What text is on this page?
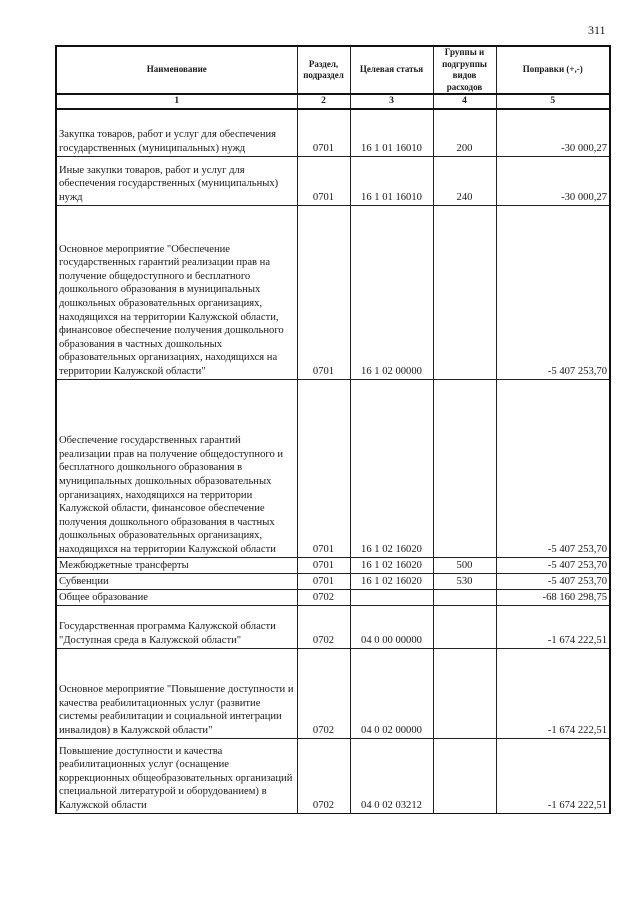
311
Наименование	Раздел, подраздел	Целевая статья	Группы и подгруппы видов расходов	Поправки (+,-)
1	2	3	4	5
Закупка товаров, работ и услуг для обеспечения государственных (муниципальных) нужд	0701	16 1 01 16010	200	-30 000,27
Иные закупки товаров, работ и услуг для обеспечения государственных (муниципальных) нужд	0701	16 1 01 16010	240	-30 000,27
Основное мероприятие "Обеспечение государственных гарантий реализации прав на получение общедоступного и бесплатного дошкольного образования в муниципальных дошкольных образовательных организациях, находящихся на территории Калужской области, финансовое обеспечение получения дошкольного образования в частных дошкольных образовательных организациях, находящихся на территории Калужской области"	0701	16 1 02 00000		-5 407 253,70
Обеспечение государственных гарантий реализации прав на получение общедоступного и бесплатного дошкольного образования в муниципальных дошкольных образовательных организациях, находящихся на территории Калужской области, финансовое обеспечение получения дошкольного образования в частных дошкольных образовательных организациях, находящихся на территории Калужской области	0701	16 1 02 16020		-5 407 253,70
Межбюджетные трансферты	0701	16 1 02 16020	500	-5 407 253,70
Субвенции	0701	16 1 02 16020	530	-5 407 253,70
Общее образование	0702			-68 160 298,75
Государственная программа Калужской области "Доступная среда в Калужской области"	0702	04 0 00 00000		-1 674 222,51
Основное мероприятие "Повышение доступности и качества реабилитационных услуг (развитие системы реабилитации и социальной интеграции инвалидов) в Калужской области"	0702	04 0 02 00000		-1 674 222,51
Повышение доступности и качества реабилитационных услуг (оснащение коррекционных общеобразовательных организаций специальной литературой и оборудованием) в Калужской области	0702	04 0 02 03212		-1 674 222,51
